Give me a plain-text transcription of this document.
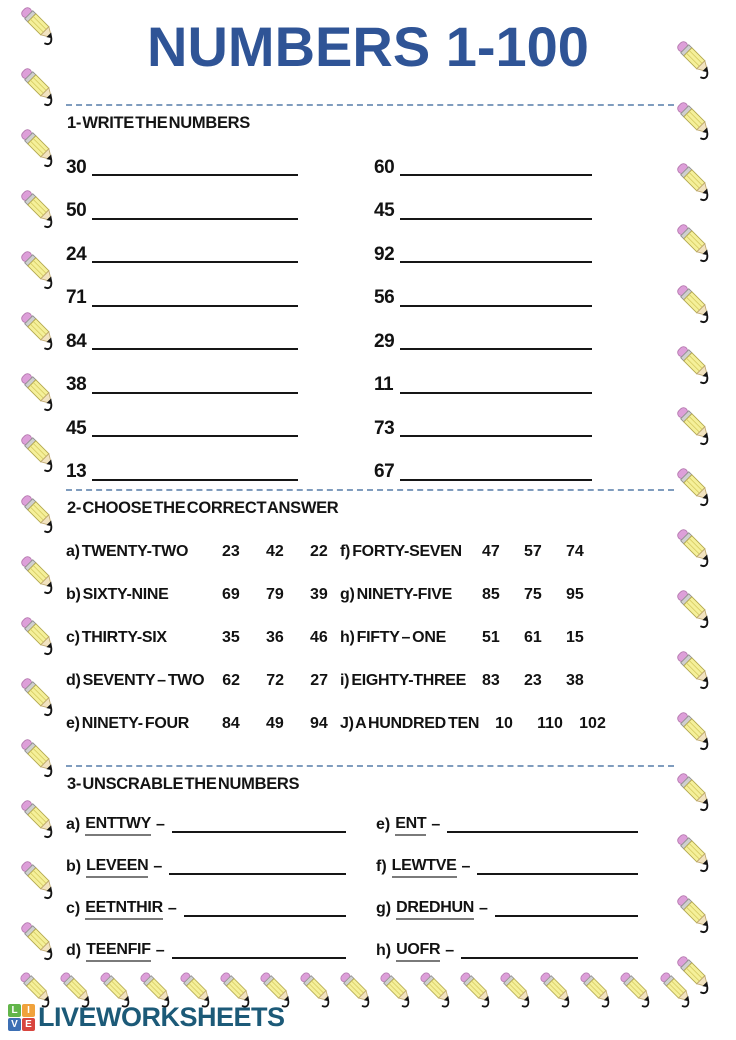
NUMBERS 1-100
1- WRITE THE NUMBERS
30
50
24
71
84
38
45
13
60
45
92
56
29
11
73
67
2- CHOOSE THE CORRECT ANSWER
a) TWENTY-TWO	23	42	22
b) SIXTY-NINE	69	79	39
c) THIRTY-SIX	35	36	46
d) SEVENTY – TWO 62	72	27
e) NINETY- FOUR	84	49	94
f) FORTY-SEVEN 47	57	74
g) NINETY-FIVE	85	75	95
h) FIFTY – ONE	51	61	15
i) EIGHTY-THREE 83	23	38
J) A HUNDRED TEN 10	110 102
3- UNSCRABLE THE NUMBERS
a) ENTTWY –
b) LEVEEN –
c) EETNTHIR –
d) TEENFIF –
e) ENT –
f) LEWTVE –
g) DREDHUN –
h) UOFR –
L I
V E LIVEWORKSHEETS
